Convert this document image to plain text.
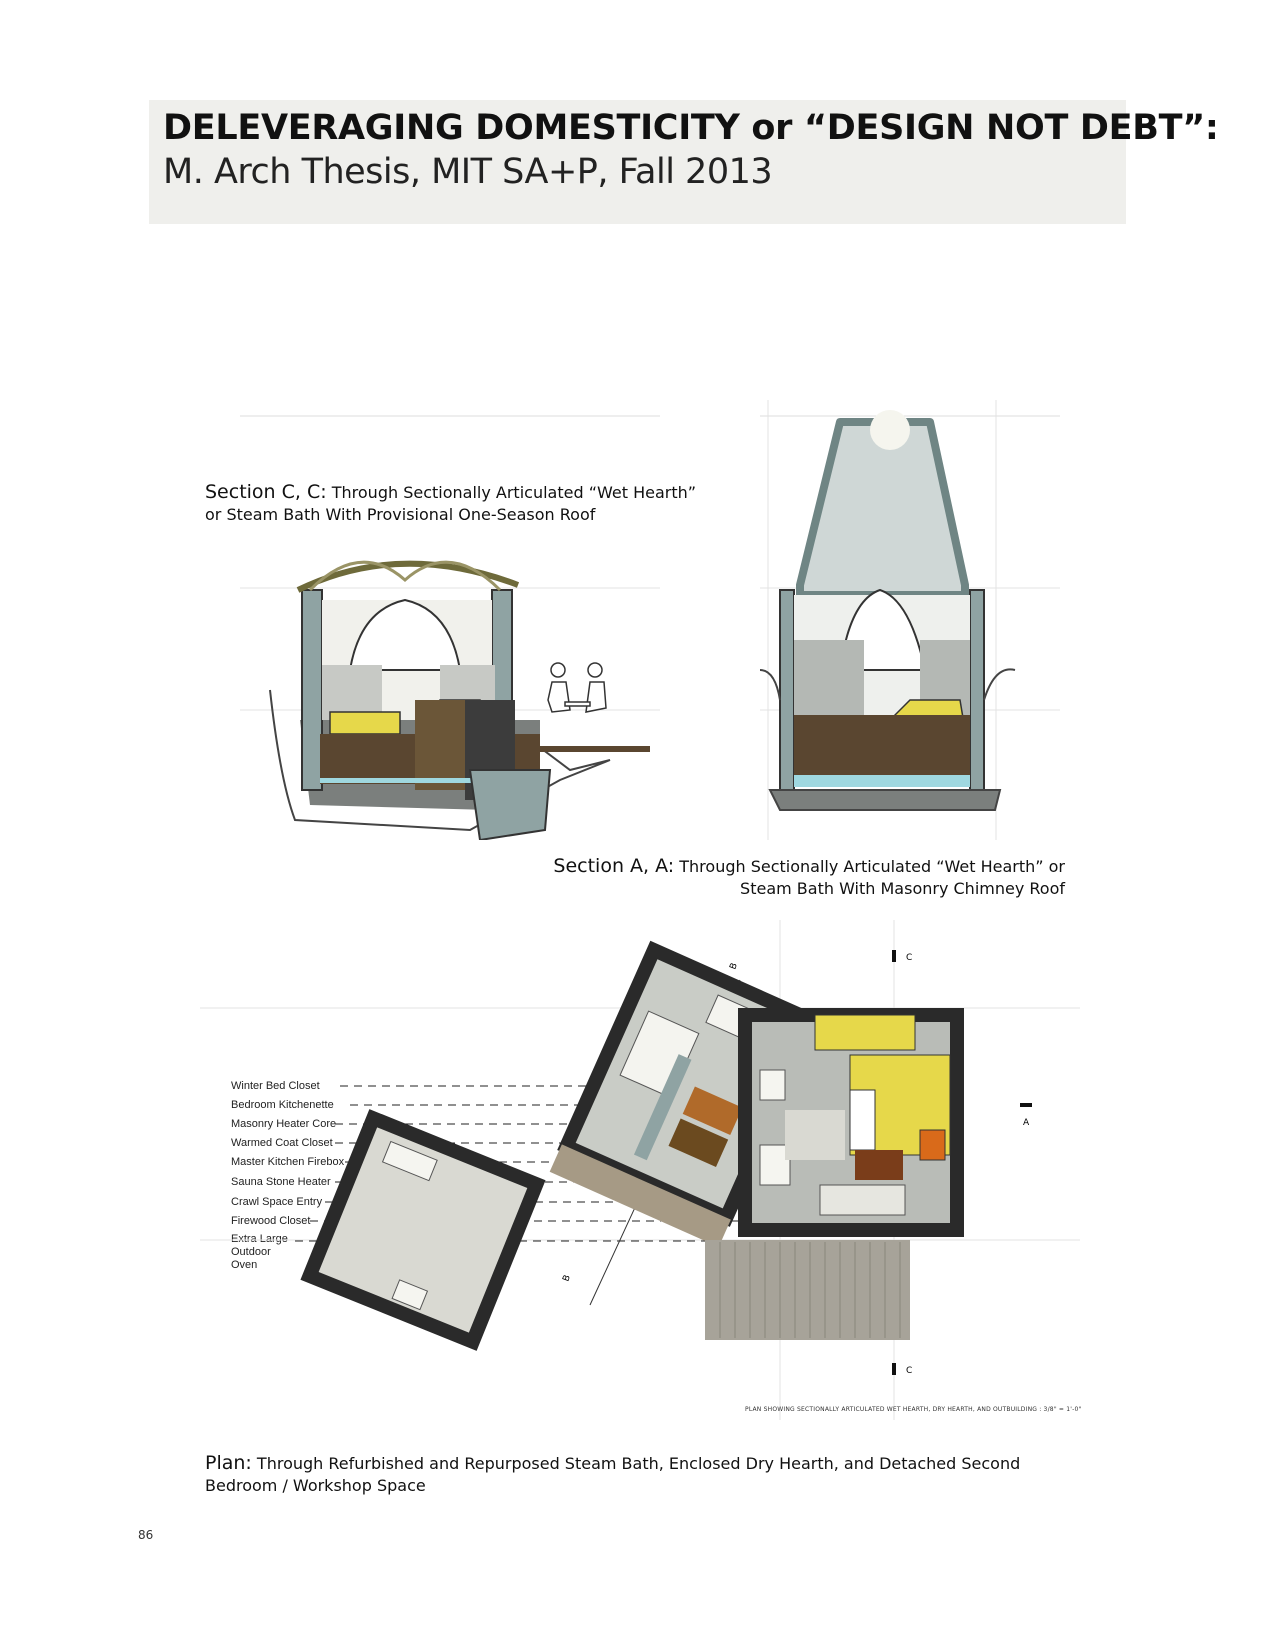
DELEVERAGING DOMESTICITY or “DESIGN NOT DEBT”:
M. Arch Thesis, MIT SA+P, Fall 2013
Section C, C: Through Sectionally Articulated “Wet Hearth”
or Steam Bath With Provisional One-Season Roof
Section A, A: Through Sectionally Articulated “Wet Hearth” or
Steam Bath With Masonry Chimney Roof
Winter Bed Closet
Bedroom Kitchenette
Masonry Heater Core
Warmed Coat Closet
Master Kitchen Firebox
Sauna Stone Heater
Crawl Space Entry
Firewood Closet
Extra Large
Outdoor
Oven
C
C
A
B
B
PLAN SHOWING SECTIONALLY ARTICULATED WET HEARTH, DRY HEARTH, AND OUTBUILDING : 3/8" = 1'-0"
Plan: Through Refurbished and Repurposed Steam Bath, Enclosed Dry Hearth, and Detached Second Bedroom / Workshop Space
86
